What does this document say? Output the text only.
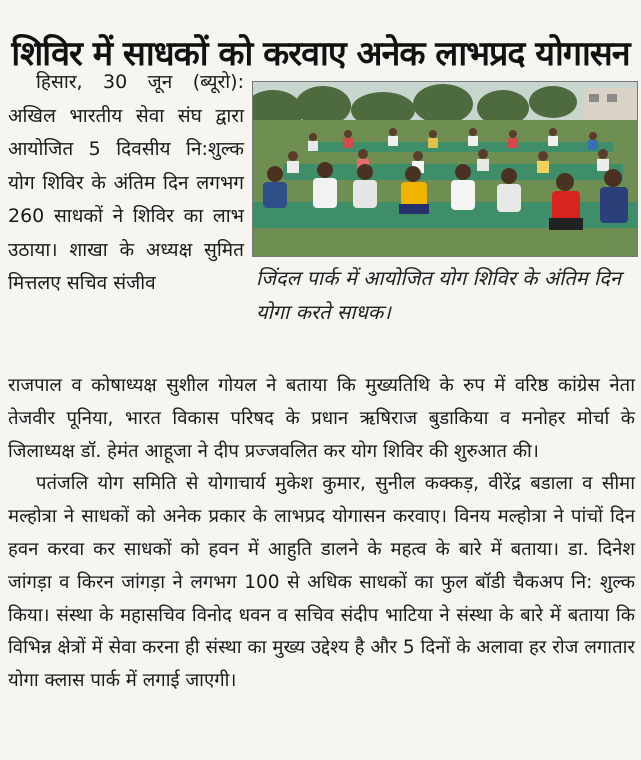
शिविर में साधकों को करवाए अनेक लाभप्रद योगासन

हिसार, 30 जून (ब्यूरो): अखिल भारतीय सेवा संघ द्वारा आयोजित 5 दिवसीय नि:शुल्क योग शिविर के अंतिम दिन लगभग 260 साधकों ने शिविर का लाभ उठाया। शाखा के अध्यक्ष सुमित मित्तलए सचिव संजीव	जिंदल पार्क में आयोजित योग शिविर के अंतिम दिन योगा करते साधक।

राजपाल व कोषाध्यक्ष सुशील गोयल ने बताया कि मुख्यतिथि के रुप में वरिष्ठ कांग्रेस नेता तेजवीर पूनिया, भारत विकास परिषद के प्रधान ऋषिराज बुडाकिया व मनोहर मोर्चा के जिलाध्यक्ष डॉ. हेमंत आहूजा ने दीप प्रज्जवलित कर योग शिविर की शुरुआत की।

पतंजलि योग समिति से योगाचार्य मुकेश कुमार, सुनील कक्कड़, वीरेंद्र बडाला व सीमा मल्होत्रा ने साधकों को अनेक प्रकार के लाभप्रद योगासन करवाए। विनय मल्होत्रा ने पांचों दिन हवन करवा कर साधकों को हवन में आहुति डालने के महत्व के बारे में बताया। डा. दिनेश जांगड़ा व किरन जांगड़ा ने लगभग 100 से अधिक साधकों का फुल बॉडी चैकअप नि: शुल्क किया। संस्था के महासचिव विनोद धवन व सचिव संदीप भाटिया ने संस्था के बारे में बताया कि विभिन्न क्षेत्रों में सेवा करना ही संस्था का मुख्य उद्देश्य है और 5 दिनों के अलावा हर रोज लगातार योगा क्लास पार्क में लगाई जाएगी।
